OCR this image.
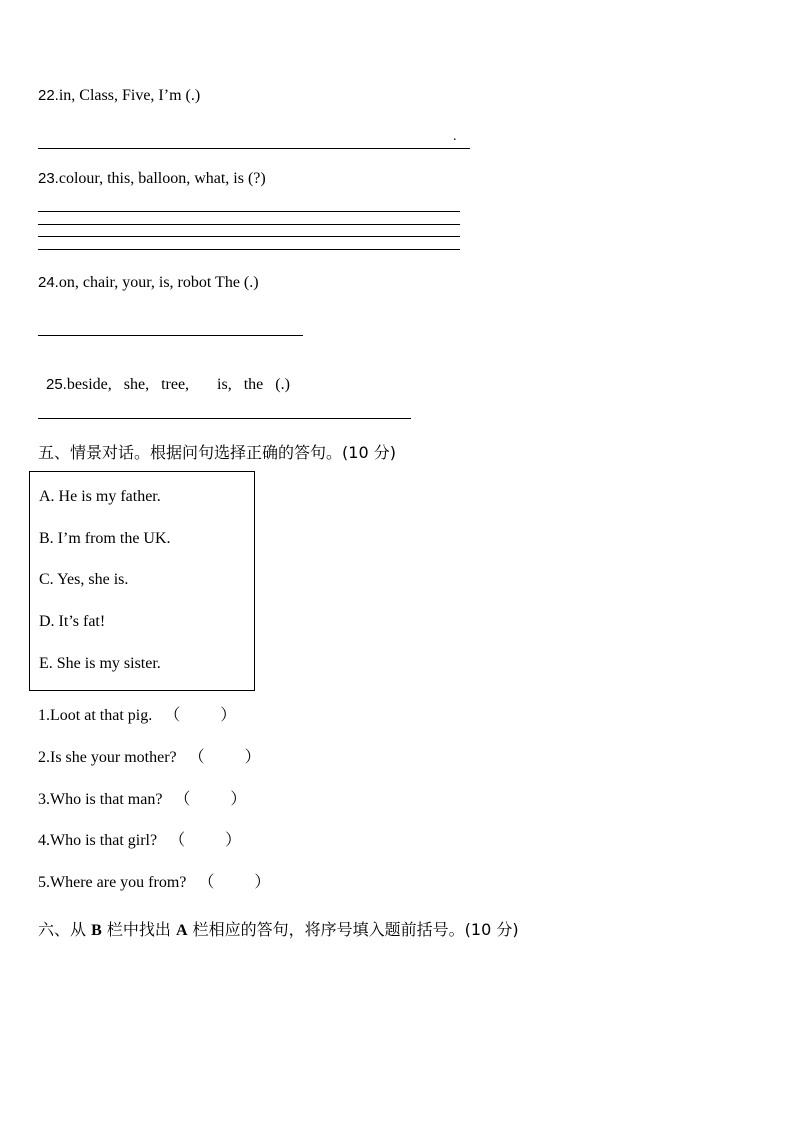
22.in, Class, Five, I’m (.)
.
23.colour, this, balloon, what, is (?)
24.on, chair, your, is, robot The (.)

25.beside,   she,   tree,       is,   the   (.)

五、情景对话。根据问句选择正确的答句。(10 分)
A. He is my father.
B. I’m from the UK.
C. Yes, she is.
D. It’s fat!
E. She is my sister.
1.Loot at that pig. （          ）
2.Is she your mother? （          ）
3.Who is that man? （          ）
4.Who is that girl? （          ）
5.Where are you from? （          ）
六、从 B 栏中找出 A 栏相应的答句，将序号填入题前括号。(10 分)
